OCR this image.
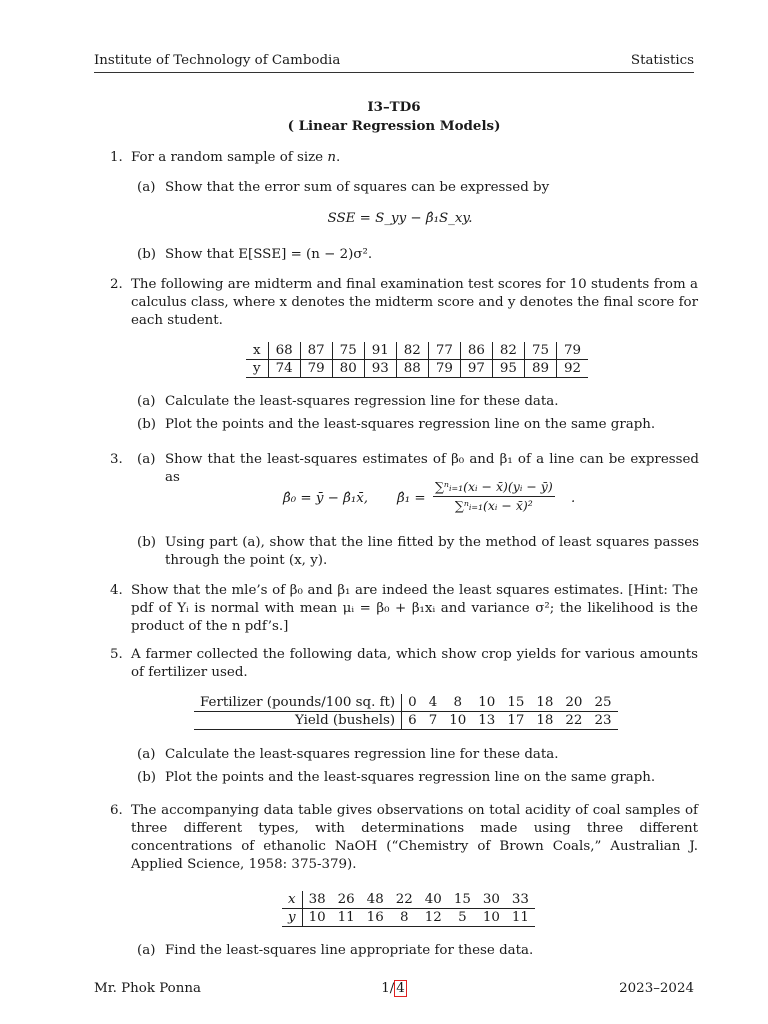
Institute of Technology of Cambodia	Statistics
I3–TD6
( Linear Regression Models)
1. For a random sample of size n.
(a) Show that the error sum of squares can be expressed by
SSE = S_yy − β̂₁S_xy.
(b) Show that E[SSE] = (n − 2)σ².
2. The following are midterm and final examination test scores for 10 students from a calculus class, where x denotes the midterm score and y denotes the final score for each student.
x	68	87	75	91	82	77	86	82	75	79
y	74	79	80	93	88	79	97	95	89	92
(a) Calculate the least-squares regression line for these data.
(b) Plot the points and the least-squares regression line on the same graph.
3.	(a) Show that the least-squares estimates of β₀ and β₁ of a line can be expressed as
β̂₀ = ȳ − β̂₁x̄, β̂₁ = $\frac{\text{∑ⁿᵢ₌₁(xᵢ − x̄)(yᵢ − ȳ)}}{\text{∑ⁿᵢ₌₁(xᵢ − x̄)²}}$ .
(b) Using part (a), show that the line fitted by the method of least squares passes through the point (x, y).
4. Show that the mle’s of β₀ and β₁ are indeed the least squares estimates. [Hint: The pdf of Yᵢ is normal with mean μᵢ = β₀ + β₁xᵢ and variance σ²; the likelihood is the product of the n pdf’s.]
5. A farmer collected the following data, which show crop yields for various amounts of fertilizer used.
Fertilizer (pounds/100 sq. ft)	0	4	8	10	15	18	20	25
Yield (bushels)	6	7	10	13	17	18	22	23
(a) Calculate the least-squares regression line for these data.
(b) Plot the points and the least-squares regression line on the same graph.
6. The accompanying data table gives observations on total acidity of coal samples of three different types, with determinations made using three different concentrations of ethanolic NaOH (“Chemistry of Brown Coals,” Australian J. Applied Science, 1958: 375-379).
x	38	26	48	22	40	15	30	33
y	10	11	16	8	12	5	10	11
(a) Find the least-squares line appropriate for these data.
Mr. Phok Ponna	1/ 4	2023–2024
